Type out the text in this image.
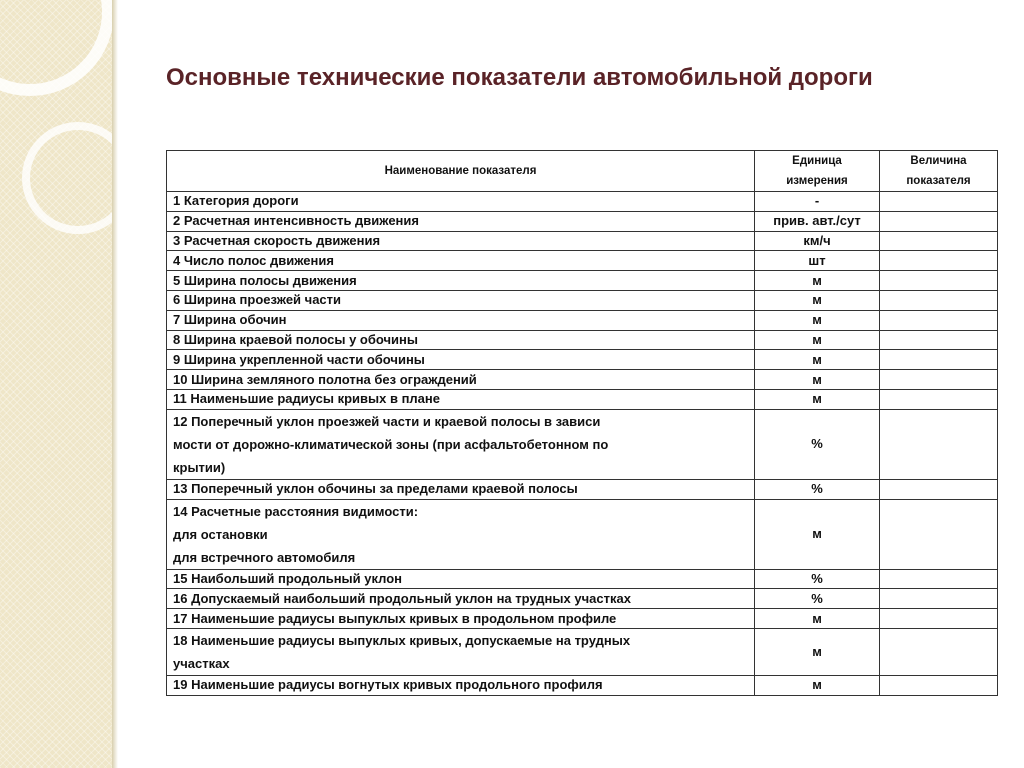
Основные технические показатели автомобильной дороги
Наименование показателя	Единица измерения	Величина показателя

1 Категория дороги	-	

2 Расчетная интенсивность движения	прив. авт./сут	

3 Расчетная скорость движения	км/ч	

4 Число полос движения	шт	

5 Ширина полосы движения	м	

6 Ширина проезжей части	м	

7 Ширина обочин	м	

8 Ширина краевой полосы у обочины	м	

9 Ширина укрепленной части обочины	м	

10 Ширина земляного полотна без ограждений	м	

11 Наименьшие радиусы кривых в плане	м	

12 Поперечный уклон проезжей части и краевой полосы в зависи
мости от дорожно-климатической зоны (при асфальтобетонном по
крытии)	%	

13 Поперечный уклон обочины за пределами краевой полосы	%	

14 Расчетные расстояния видимости:
для остановки
для встречного автомобиля	м	

15 Наибольший продольный уклон	%	

16 Допускаемый наибольший продольный уклон на трудных участках	%	

17 Наименьшие радиусы выпуклых кривых в продольном профиле	м	

18 Наименьшие радиусы выпуклых кривых, допускаемые на трудных
участках	м	

19 Наименьшие радиусы вогнутых кривых продольного профиля	м	
